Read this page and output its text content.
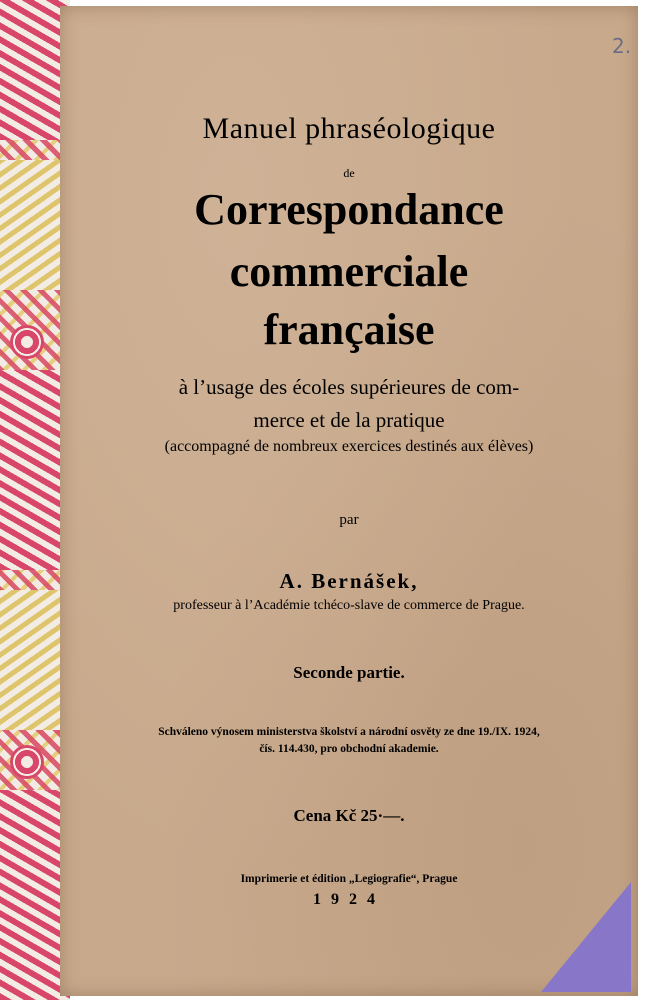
2.
Manuel phraséologique
de
Correspondance
commerciale
française
à l’usage des écoles supérieures de com-
merce et de la pratique
(accompagné de nombreux exercices destinés aux élèves)
par
A. Bernášek,
professeur à l’Académie tchéco-slave de commerce de Prague.
Seconde partie.
Schváleno výnosem ministerstva školství a národní osvěty ze dne 19./IX. 1924,
čís. 114.430, pro obchodní akademie.
Cena Kč 25·—.
Imprimerie et édition „Legiografie“, Prague
1924
